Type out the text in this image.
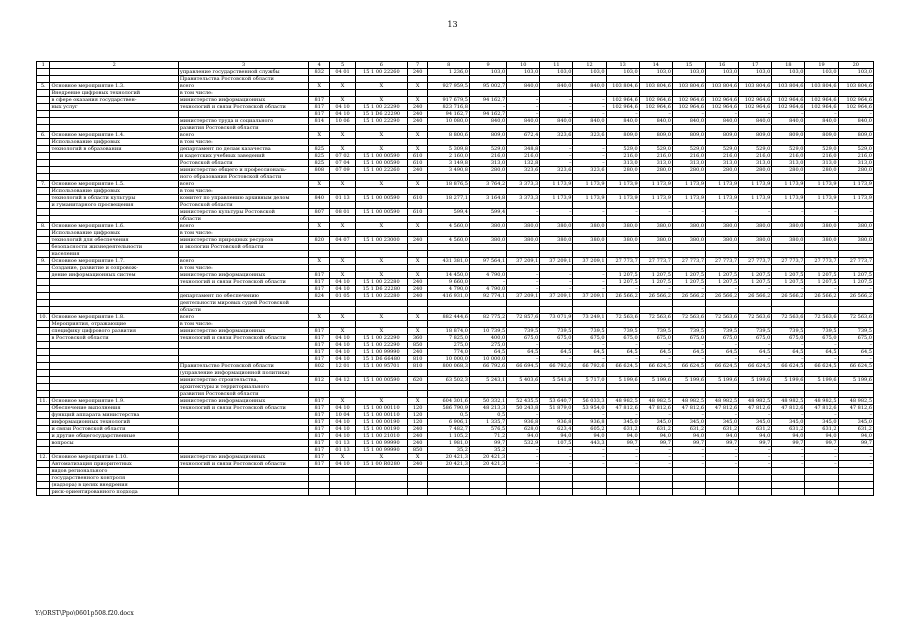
13
1	2	3	4	5	6	7	8	9	10	11	12	13	14	15	16	17	18	19	20
		управление государственной службы	832	04 01	15 1 00 22260	240	1 236,0	103,0	103,0	103,0	103,0	103,0	103,0	103,0	103,0	103,0	103,0	103,0	103,0
		Правительства Ростовской области																	
5.	Основное мероприятие 1.3.	всего	X	X	X	X	927 959,5	95 002,7	840,0	840,0	840,0	103 804,6	103 804,6	103 804,6	103 804,6	103 804,6	103 804,6	103 804,6	103 804,6
	Внедрение цифровых технологий	в том числе:																	
	в сфере оказания государствен-	министерство информационных	817	X	X	X	917 679,5	94 162,7	–	–	–	102 964,6	102 964,6	102 964,6	102 964,6	102 964,6	102 964,6	102 964,6	102 964,6
	ных услуг	технологий и связи Ростовской области	817	04 10	15 1 00 22290	240	823 716,8	–	–	–	–	102 964,6	102 964,6	102 964,6	102 964,6	102 964,6	102 964,6	102 964,6	102 964,6
			817	04 10	15 1 D6 22290	240	94 162,7	94 162,7	–	–	–	–	–	–	–	–	–	–	–
		министерство труда и социального	814	10 06	15 1 00 22290	240	10 080,0	840,0	840,0	840,0	840,0	840,0	840,0	840,0	840,0	840,0	840,0	840,0	840,0
		развития Ростовской области																	
6.	Основное мероприятие 1.4.	всего	X	X	X	X	8 800,6	809,0	672,4	323,6	323,6	809,0	809,0	809,0	809,0	809,0	809,0	809,0	809,0
	Использование цифровых	в том числе:																	
	технологий в образовании	департамент по делам казачества	825	X	X	X	5 309,8	529,0	348,8	–	–	529,0	529,0	529,0	529,0	529,0	529,0	529,0	529,0
		и кадетских учебных заведений	825	07 02	15 1 00 00590	610	2 160,0	216,0	216,0	–	–	216,0	216,0	216,0	216,0	216,0	216,0	216,0	216,0
		Ростовской области	825	07 04	15 1 00 00590	610	3 149,8	313,0	132,8	–	–	313,0	313,0	313,0	313,0	313,0	313,0	313,0	313,0
		министерство общего и профессиональ-	808	07 09	15 1 00 22260	240	3 490,8	280,0	323,6	323,6	323,6	280,0	280,0	280,0	280,0	280,0	280,0	280,0	280,0
		ного образования Ростовской области																	
7.	Основное мероприятие 1.5.	всего	X	X	X	X	18 876,5	3 764,2	3 373,3	1 173,9	1 173,9	1 173,9	1 173,9	1 173,9	1 173,9	1 173,9	1 173,9	1 173,9	1 173,9
	Использование цифровых	в том числе:																	
	технологий в области культуры	комитет по управлению архивным делом	840	01 13	15 1 00 00590	610	18 277,1	3 164,8	3 373,3	1 173,9	1 173,9	1 173,9	1 173,9	1 173,9	1 173,9	1 173,9	1 173,9	1 173,9	1 173,9
	и гуманитарного просвещения	Ростовской области																	
		министерство культуры Ростовской	807	08 01	15 1 00 00590	610	599,4	599,4	–	–	–	–	–	–	–	–	–	–	–
		области																	
8.	Основное мероприятие 1.6.	всего	X	X	X	X	4 560,0	380,0	380,0	380,0	380,0	380,0	380,0	380,0	380,0	380,0	380,0	380,0	380,0
	Использование цифровых	в том числе:																	
	технологий для обеспечения	министерство природных ресурсов	820	04 07	15 1 00 23000	240	4 560,0	380,0	380,0	380,0	380,0	380,0	380,0	380,0	380,0	380,0	380,0	380,0	380,0
	безопасности жизнедеятельности	и экологии Ростовской области																	
	населения																		
9.	Основное мероприятие 1.7.	всего	X	X	X	X	431 381,0	97 564,1	37 209,1	37 209,1	37 209,1	27 773,7	27 773,7	27 773,7	27 773,7	27 773,7	27 773,7	27 773,7	27 773,7
	Создание, развитие и сопровож-	в том числе:																	
	дение информационных систем	министерство информационных	817	X	X	X	14 450,0	4 790,0	–	–	–	1 207,5	1 207,5	1 207,5	1 207,5	1 207,5	1 207,5	1 207,5	1 207,5
		технологий и связи Ростовской области	817	04 10	15 1 00 22280	240	9 660,0	–	–	–	–	1 207,5	1 207,5	1 207,5	1 207,5	1 207,5	1 207,5	1 207,5	1 207,5
			817	04 10	15 1 D6 22280	240	4 790,0	4 790,0	–	–	–	–	–	–	–	–	–	–	–
		департамент по обеспечению	824	01 05	15 1 00 22280	240	416 931,0	92 774,1	37 209,1	37 209,1	37 209,1	26 566,2	26 566,2	26 566,2	26 566,2	26 566,2	26 566,2	26 566,2	26 566,2
		деятельности мировых судей Ростовской																	
		области																	
10.	Основное мероприятие 1.8.	всего	X	X	X	X	882 444,6	82 775,2	72 857,6	73 071,9	73 249,1	72 563,6	72 563,6	72 563,6	72 563,6	72 563,6	72 563,6	72 563,6	72 563,6
	Мероприятия, отражающие	в том числе:																	
	специфику цифрового развития	министерство информационных	817	X	X	X	18 874,0	10 739,5	739,5	739,5	739,5	739,5	739,5	739,5	739,5	739,5	739,5	739,5	739,5
	в Ростовской области	технологий и связи Ростовской области	817	04 10	15 1 00 22290	360	7 825,0	400,0	675,0	675,0	675,0	675,0	675,0	675,0	675,0	675,0	675,0	675,0	675,0
			817	04 10	15 1 00 22290	850	275,0	275,0	–	–	–	–	–	–	–	–	–	–	–
			817	04 10	15 1 00 99990	240	774,0	64,5	64,5	64,5	64,5	64,5	64,5	64,5	64,5	64,5	64,5	64,5	64,5
			817	04 10	15 1 D6 66480	810	10 000,0	10 000,0	–	–	–	–	–	–	–	–	–	–	–
		Правительство Ростовской области	802	12 01	15 1 00 95701	810	800 068,3	66 792,6	66 694,5	66 792,6	66 792,6	66 624,5	66 624,5	66 624,5	66 624,5	66 624,5	66 624,5	66 624,5	66 624,5
		(управление информационной политики)																	
		министерство строительства,	812	04 12	15 1 00 00590	620	63 502,3	5 243,1	5 403,6	5 541,8	5 717,0	5 199,6	5 199,6	5 199,6	5 199,6	5 199,6	5 199,6	5 199,6	5 199,6
		архитектуры и территориального																	
		развития Ростовской области																	
11.	Основное мероприятие 1.9.	министерство информационных	817	X	X	X	604 301,6	50 332,1	52 435,5	53 640,7	56 033,3	48 982,5	48 982,5	48 982,5	48 982,5	48 982,5	48 982,5	48 982,5	48 982,5
	Обеспечение выполнения	технологий и связи Ростовской области	817	04 10	15 1 00 00110	120	586 790,9	48 213,3	50 243,8	51 879,0	53 954,0	47 812,6	47 812,6	47 812,6	47 812,6	47 812,6	47 812,6	47 812,6	47 812,6
	функций аппарата министерства		817	10 04	15 1 00 00110	120	0,5	0,5	–	–	–	–	–	–	–	–	–	–	–
	информационных технологий		817	04 10	15 1 00 00190	120	6 906,1	1 335,7	936,8	936,8	936,8	345,0	345,0	345,0	345,0	345,0	345,0	345,0	345,0
	и связи Ростовской области		817	04 10	15 1 00 00190	240	7 482,7	576,5	628,0	623,4	605,2	631,2	631,2	631,2	631,2	631,2	631,2	631,2	631,2
	и другие общегосударственные		817	04 10	15 1 00 21010	240	1 105,2	71,2	94,0	94,0	94,0	94,0	94,0	94,0	94,0	94,0	94,0	94,0	94,0
	вопросы		817	01 13	15 1 00 99990	240	1 981,0	99,7	532,9	107,5	443,3	99,7	99,7	99,7	99,7	99,7	99,7	99,7	99,7
			817	01 13	15 1 00 99990	850	35,2	35,2	–	–	–	–	–	–	–	–	–	–	–
12.	Основное мероприятие 1.10.	министерство информационных	817	X	X	X	20 421,3	20 421,3	–	–	–	–	–	–	–	–	–	–	–
	Автоматизация приоритетных	технологий и связи Ростовской области	817	04 10	15 1 00 R0280	240	20 421,3	20 421,3	–	–	–	–	–	–	–	–	–	–	–
	видов регионального																		
	государственного контроля																		
	(надзора) в целях внедрения																		
	риск-ориентированного подхода																		
Y:\ORST\Ppo\0601p508.f20.docx
